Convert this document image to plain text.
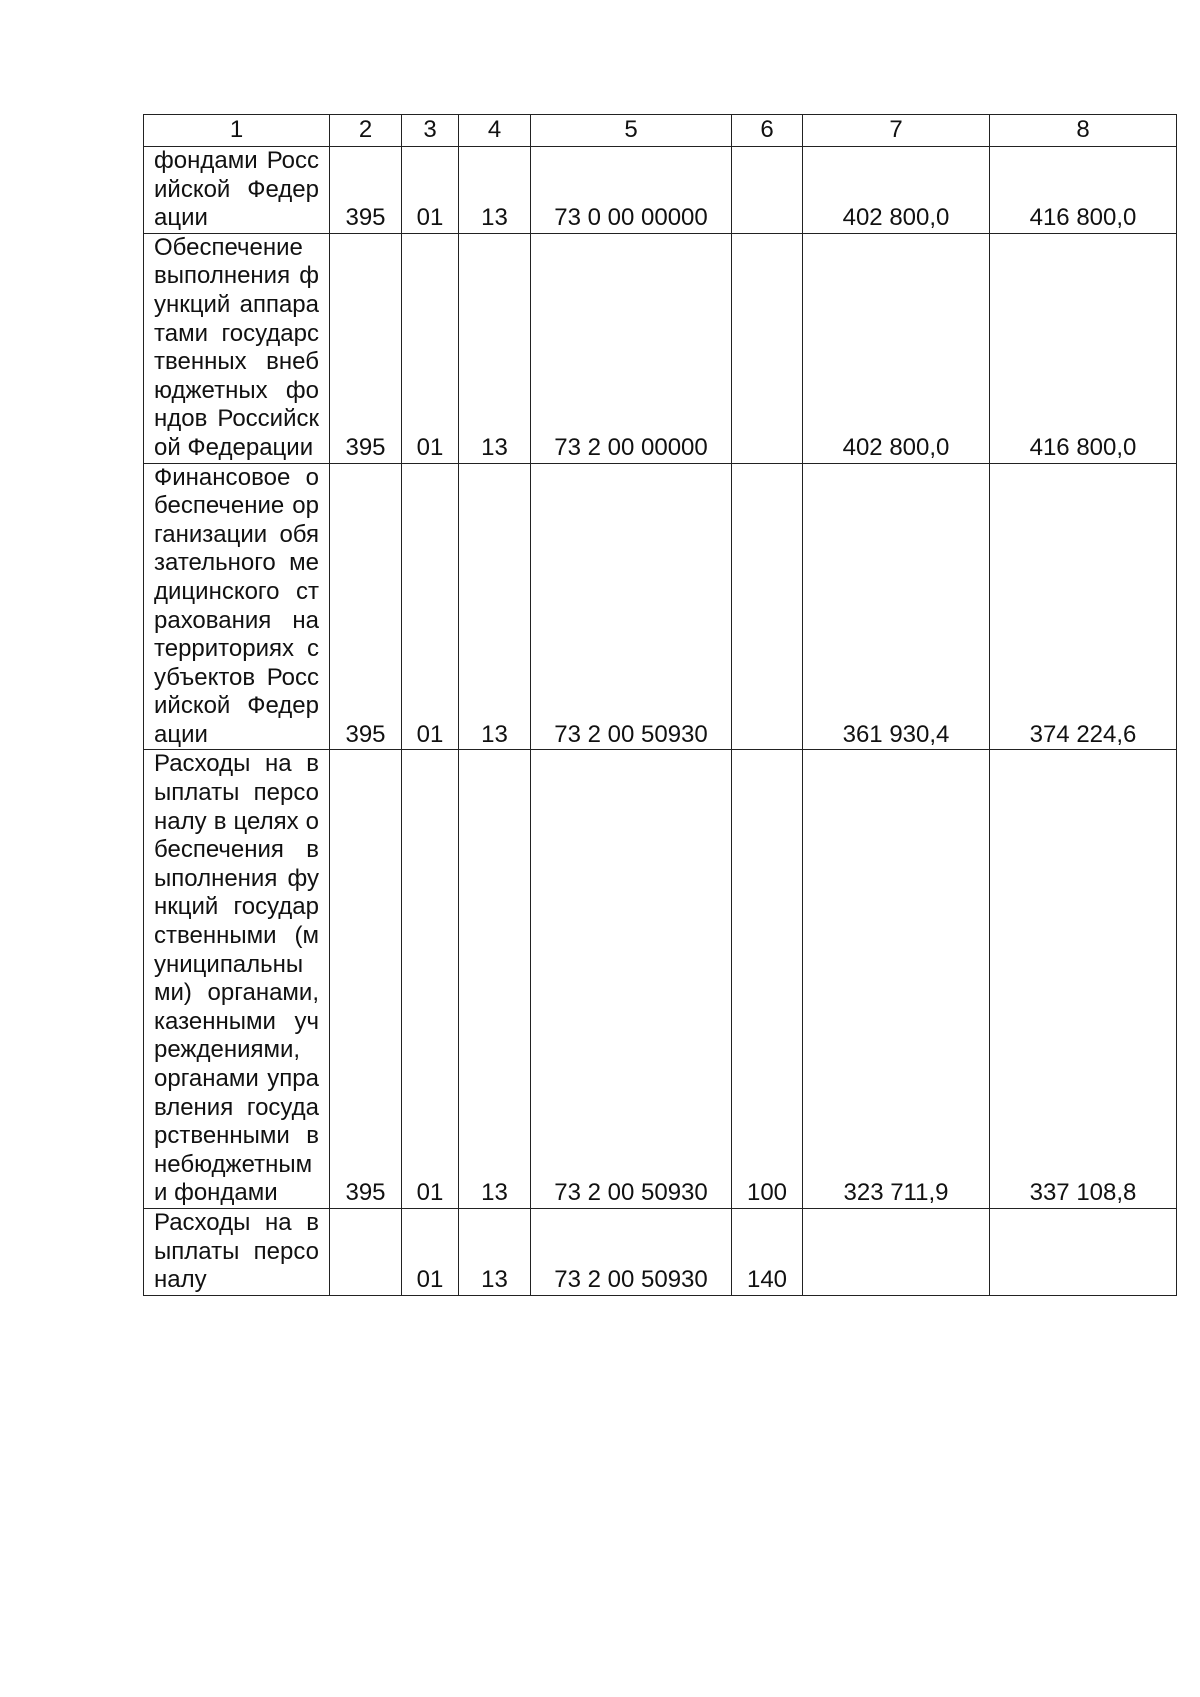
1	2	3	4	5	6	7	8
фондами Российской Федерации	395	01	13	73 0 00 00000		402 800,0	416 800,0
Обеспечение выполнения функций аппаратами государственных внебюджетных фондов Российской Федерации	395	01	13	73 2 00 00000		402 800,0	416 800,0
Финансовое обеспечение организации обязательного медицинского страхования на территориях субъектов Российской Федерации	395	01	13	73 2 00 50930		361 930,4	374 224,6
Расходы на выплаты персоналу в целях обеспечения выполнения функций государственными (муниципальными) органами, казенными учреждениями, органами управления государственными внебюджетными фондами	395	01	13	73 2 00 50930	100	323 711,9	337 108,8
Расходы на выплаты персоналу		01	13	73 2 00 50930	140		
